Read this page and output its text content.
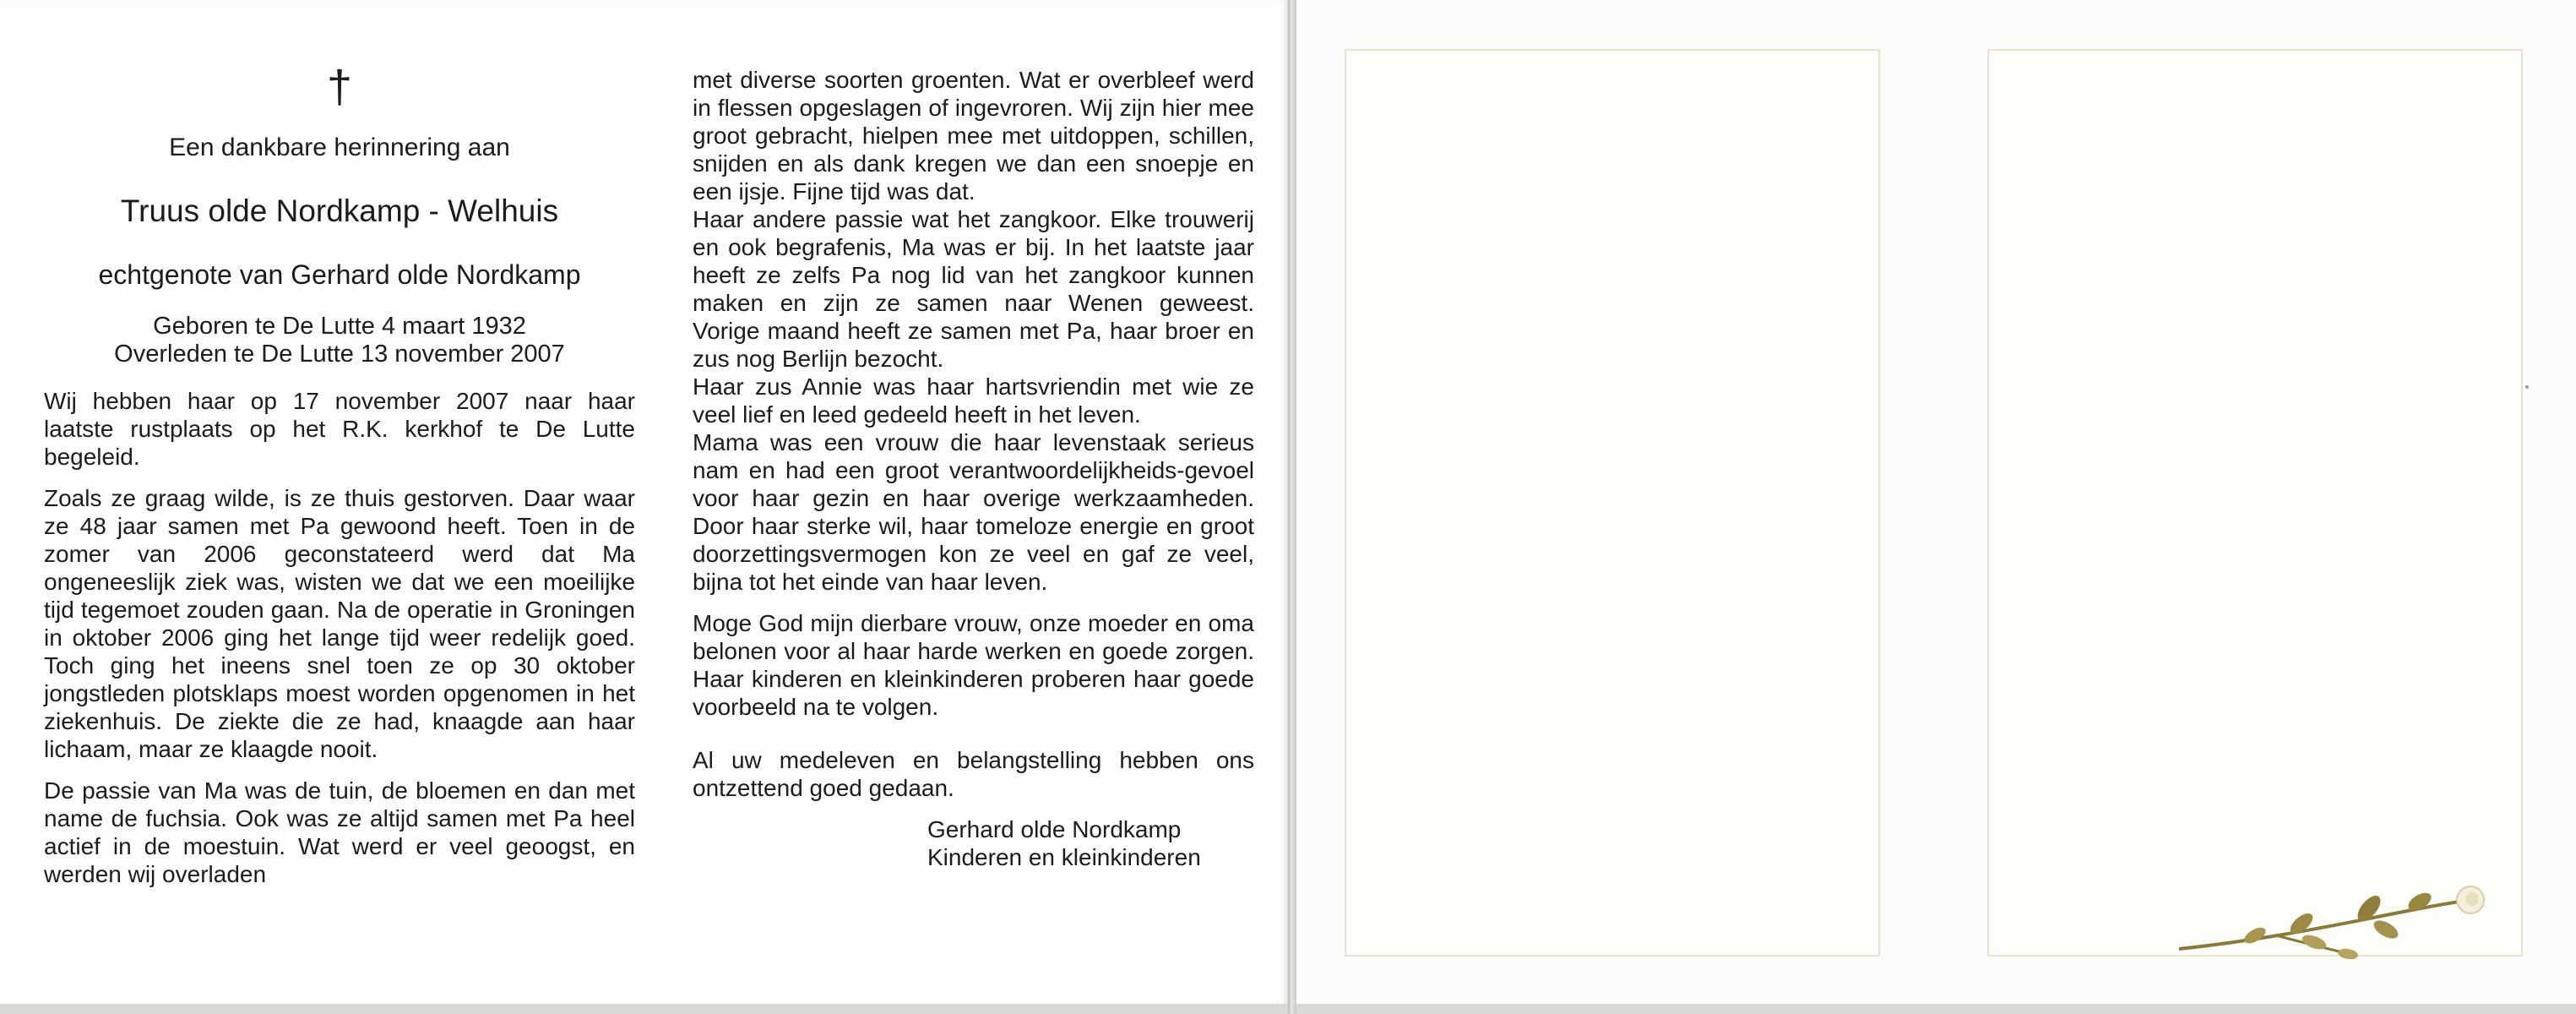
†

Een dankbare herinnering aan

Truus olde Nordkamp - Welhuis

echtgenote van Gerhard olde Nordkamp

Geboren te De Lutte 4 maart 1932
Overleden te De Lutte 13 november 2007

Wij hebben haar op 17 november 2007 naar haar laatste rustplaats op het R.K. kerkhof te De Lutte begeleid.

Zoals ze graag wilde, is ze thuis gestorven. Daar waar ze 48 jaar samen met Pa gewoond heeft. Toen in de zomer van 2006 geconstateerd werd dat Ma ongeneeslijk ziek was, wisten we dat we een moeilijke tijd tegemoet zouden gaan. Na de operatie in Groningen in oktober 2006 ging het lange tijd weer redelijk goed. Toch ging het ineens snel toen ze op 30 oktober jongstleden plotsklaps moest worden opgenomen in het ziekenhuis. De ziekte die ze had, knaagde aan haar lichaam, maar ze klaagde nooit.

De passie van Ma was de tuin, de bloemen en dan met name de fuchsia. Ook was ze altijd samen met Pa heel actief in de moestuin. Wat werd er veel geoogst, en werden wij overladen

met diverse soorten groenten. Wat er overbleef werd in flessen opgeslagen of ingevroren. Wij zijn hier mee groot gebracht, hielpen mee met uitdoppen, schillen, snijden en als dank kregen we dan een snoepje en een ijsje. Fijne tijd was dat.

Haar andere passie wat het zangkoor. Elke trouwerij en ook begrafenis, Ma was er bij. In het laatste jaar heeft ze zelfs Pa nog lid van het zangkoor kunnen maken en zijn ze samen naar Wenen geweest. Vorige maand heeft ze samen met Pa, haar broer en zus nog Berlijn bezocht.

Haar zus Annie was haar hartsvriendin met wie ze veel lief en leed gedeeld heeft in het leven.

Mama was een vrouw die haar levenstaak serieus nam en had een groot verantwoordelijkheids-gevoel voor haar gezin en haar overige werkzaamheden. Door haar sterke wil, haar tomeloze energie en groot doorzettingsvermogen kon ze veel en gaf ze veel, bijna tot het einde van haar leven.

Moge God mijn dierbare vrouw, onze moeder en oma belonen voor al haar harde werken en goede zorgen. Haar kinderen en kleinkinderen proberen haar goede voorbeeld na te volgen.

Al uw medeleven en belangstelling hebben ons ontzettend goed gedaan.

Gerhard olde Nordkamp
Kinderen en kleinkinderen
